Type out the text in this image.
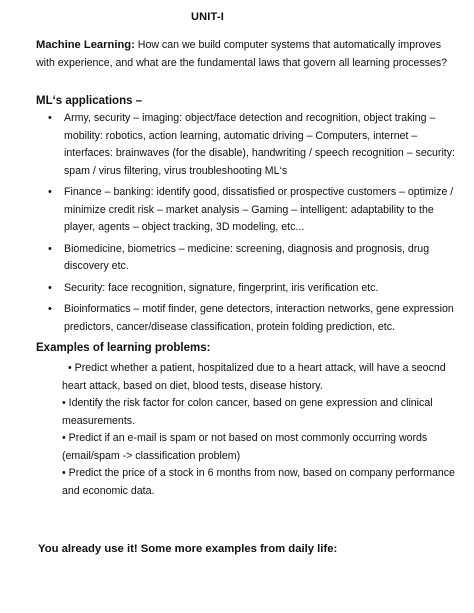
UNIT-I
Machine Learning: How can we build computer systems that automatically improves with experience, and what are the fundamental laws that govern all learning processes?
ML‘s applications –
• Army, security – imaging: object/face detection and recognition, object traking – mobility: robotics, action learning, automatic driving – Computers, internet – interfaces: brainwaves (for the disable), handwriting / speech recognition – security: spam / virus filtering, virus troubleshooting ML‘s
• Finance – banking: identify good, dissatisfied or prospective customers – optimize / minimize credit risk – market analysis – Gaming – intelligent: adaptability to the player, agents – object tracking, 3D modeling, etc...
• Biomedicine, biometrics – medicine: screening, diagnosis and prognosis, drug discovery etc.
• Security: face recognition, signature, fingerprint, iris verification etc.
• Bioinformatics – motif finder, gene detectors, interaction networks, gene expression predictors, cancer/disease classification, protein folding prediction, etc.
Examples of learning problems:

• Predict whether a patient, hospitalized due to a heart attack, will have a seocnd heart attack, based on diet, blood tests, disease history.

• Identify the risk factor for colon cancer, based on gene expression and clinical measurements.

• Predict if an e-mail is spam or not based on most commonly occurring words (email/spam -> classification problem)

• Predict the price of a stock in 6 months from now, based on company performance and economic data.

You already use it! Some more examples from daily life:
